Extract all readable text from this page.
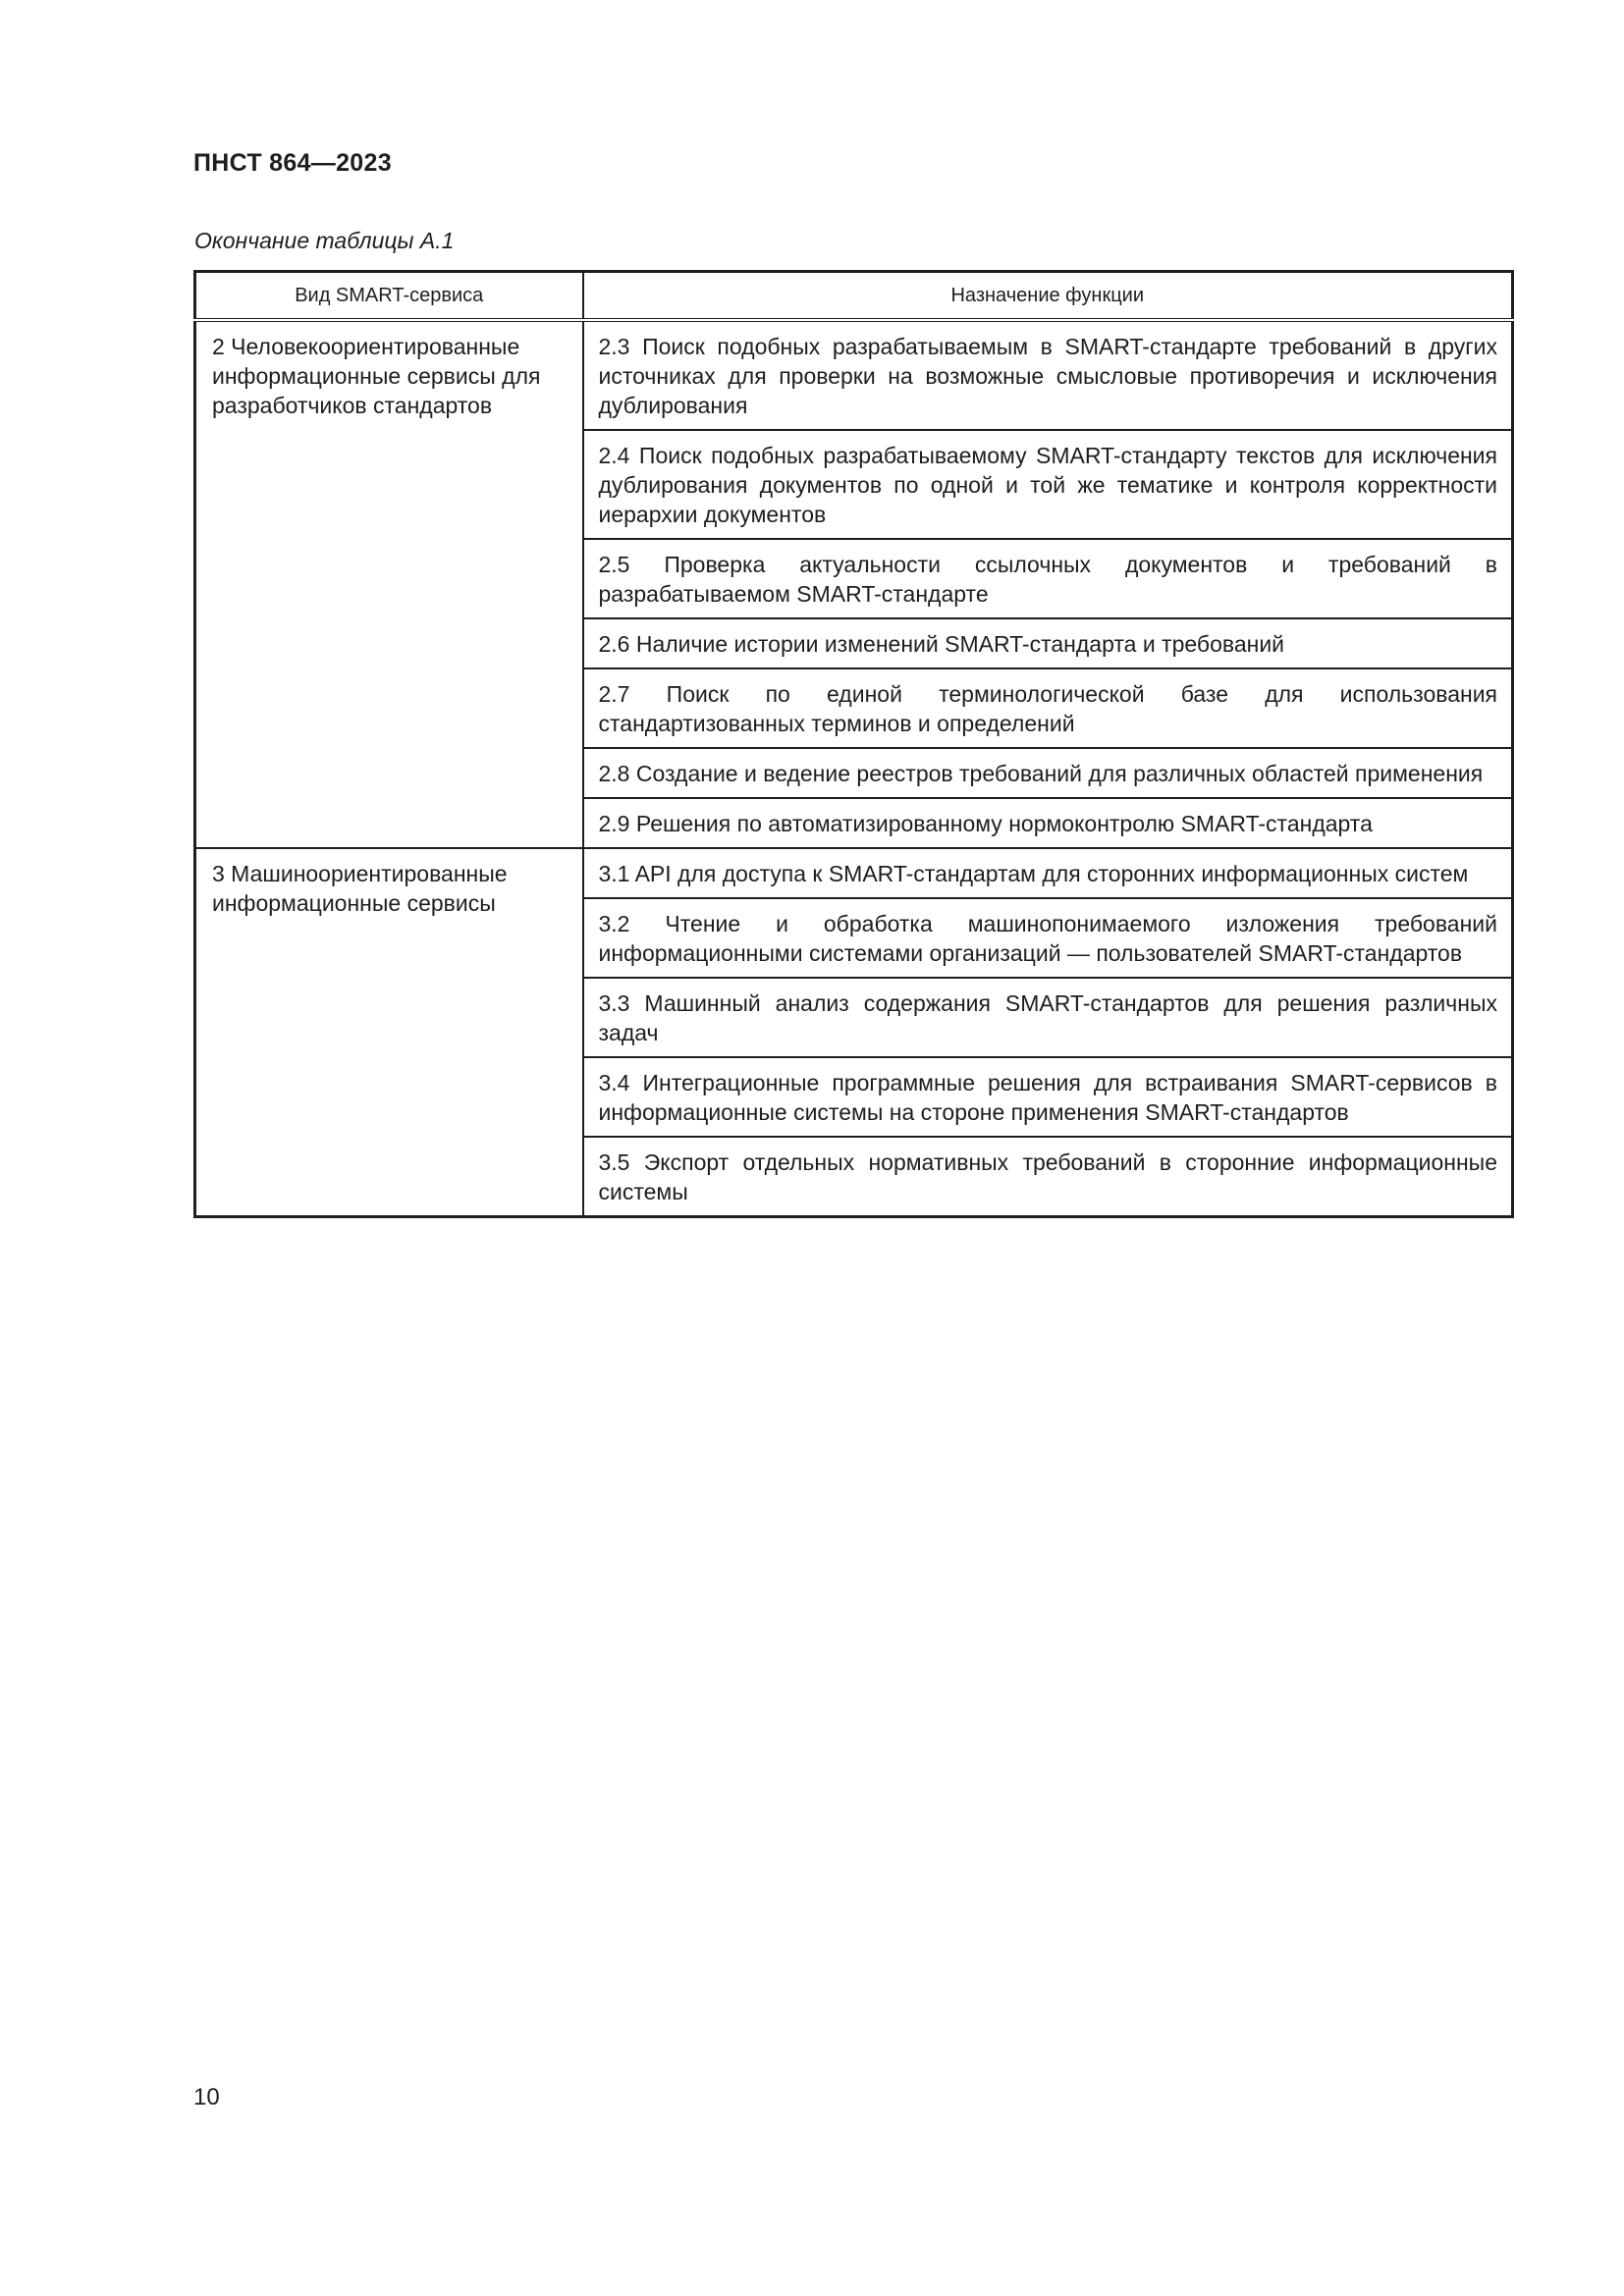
ПНСТ 864—2023
Окончание таблицы А.1
Вид SMART-сервиса	Назначение функции
2 Человекоориентированные информационные сервисы для разработчиков стандартов	2.3 Поиск подобных разрабатываемым в SMART-стандарте требований в других источниках для проверки на возможные смысловые противоречия и исключения дублирования
	2.4 Поиск подобных разрабатываемому SMART-стандарту текстов для исключения дублирования документов по одной и той же тематике и контроля корректности иерархии документов
	2.5 Проверка актуальности ссылочных документов и требований в разрабатываемом SMART-стандарте
	2.6 Наличие истории изменений SMART-стандарта и требований
	2.7 Поиск по единой терминологической базе для использования стандартизованных терминов и определений
	2.8 Создание и ведение реестров требований для различных областей применения
	2.9 Решения по автоматизированному нормоконтролю SMART-стандарта
3 Машиноориентированные информационные сервисы	3.1 API для доступа к SMART-стандартам для сторонних информационных систем
	3.2 Чтение и обработка машинопонимаемого изложения требований информационными системами организаций — пользователей SMART-стандартов
	3.3 Машинный анализ содержания SMART-стандартов для решения различных задач
	3.4 Интеграционные программные решения для встраивания SMART-сервисов в информационные системы на стороне применения SMART-стандартов
	3.5 Экспорт отдельных нормативных требований в сторонние информационные системы
10
